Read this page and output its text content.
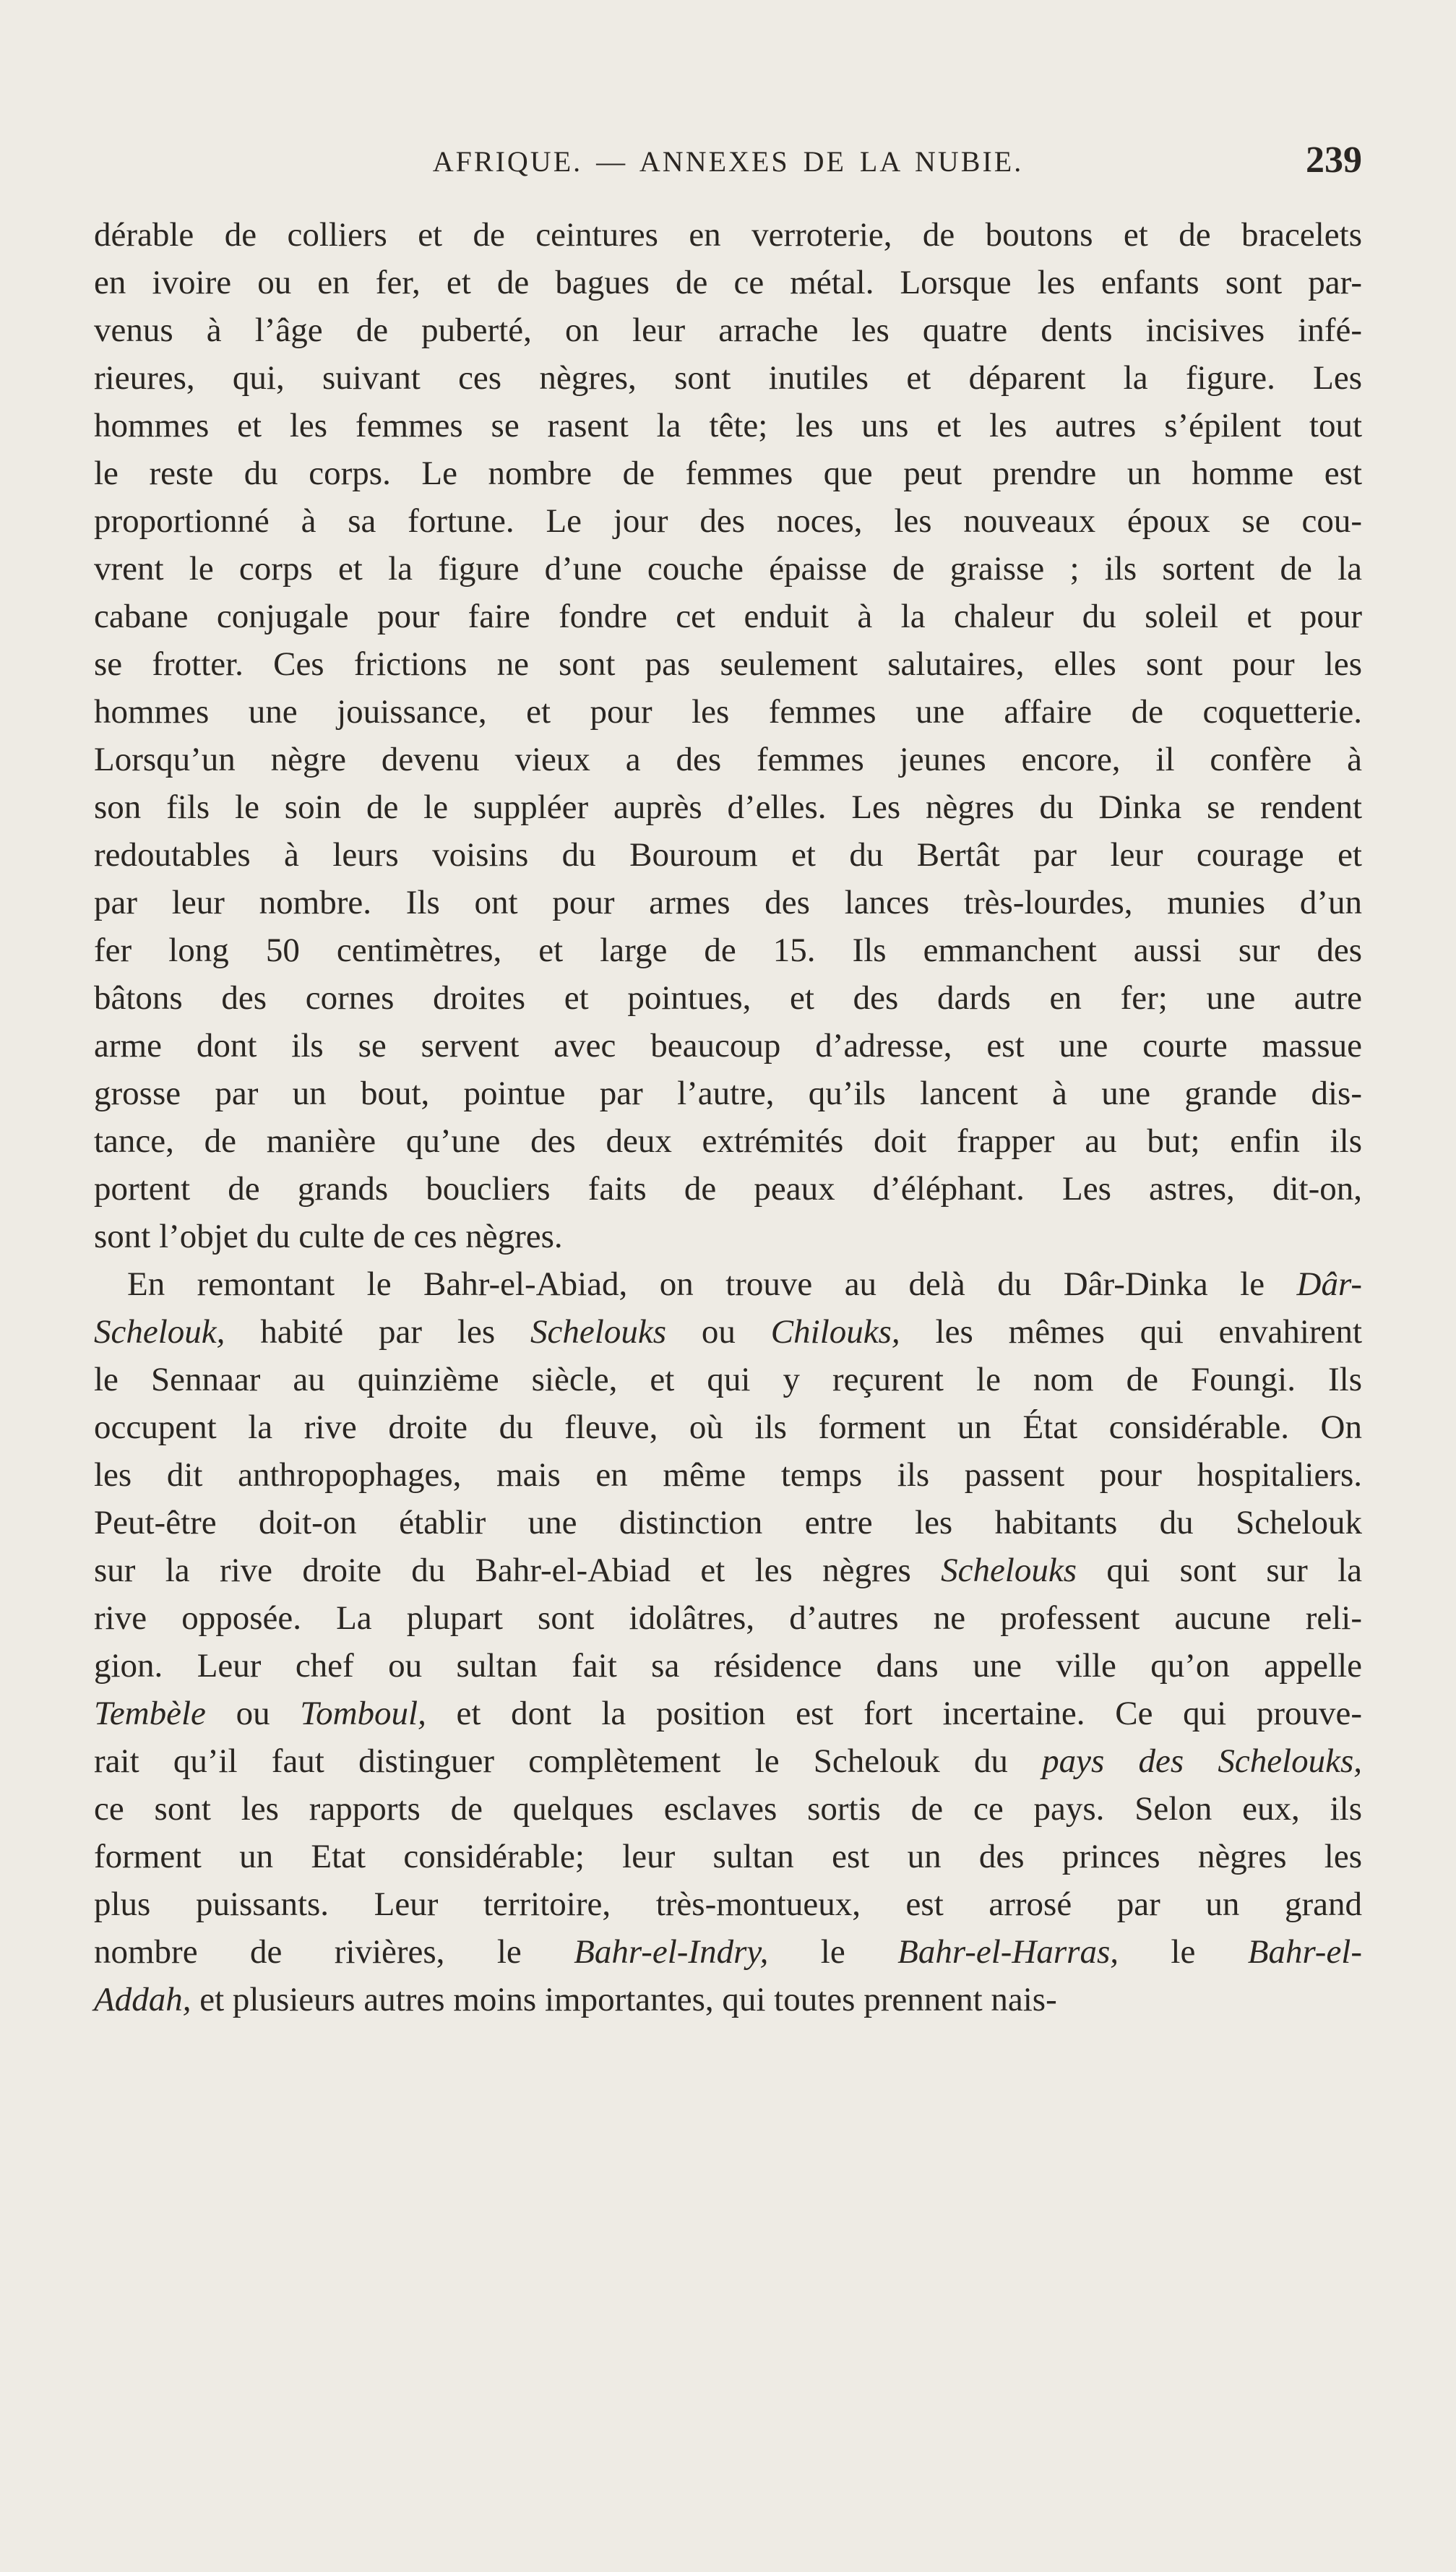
AFRIQUE. — ANNEXES DE LA NUBIE.	239
dérable de colliers et de ceintures en verroterie, de boutons et de bracelets
en ivoire ou en fer, et de bagues de ce métal. Lorsque les enfants sont par-
venus à l’âge de puberté, on leur arrache les quatre dents incisives infé-
rieures, qui, suivant ces nègres, sont inutiles et déparent la figure. Les
hommes et les femmes se rasent la tête; les uns et les autres s’épilent tout
le reste du corps. Le nombre de femmes que peut prendre un homme est
proportionné à sa fortune. Le jour des noces, les nouveaux époux se cou-
vrent le corps et la figure d’une couche épaisse de graisse ; ils sortent de la
cabane conjugale pour faire fondre cet enduit à la chaleur du soleil et pour
se frotter. Ces frictions ne sont pas seulement salutaires, elles sont pour les
hommes une jouissance, et pour les femmes une affaire de coquetterie.
Lorsqu’un nègre devenu vieux a des femmes jeunes encore, il confère à
son fils le soin de le suppléer auprès d’elles. Les nègres du Dinka se rendent
redoutables à leurs voisins du Bouroum et du Bertât par leur courage et
par leur nombre. Ils ont pour armes des lances très-lourdes, munies d’un
fer long 50 centimètres, et large de 15. Ils emmanchent aussi sur des
bâtons des cornes droites et pointues, et des dards en fer; une autre
arme dont ils se servent avec beaucoup d’adresse, est une courte massue
grosse par un bout, pointue par l’autre, qu’ils lancent à une grande dis-
tance, de manière qu’une des deux extrémités doit frapper au but; enfin ils
portent de grands boucliers faits de peaux d’éléphant. Les astres, dit-on,
sont l’objet du culte de ces nègres.
En remontant le Bahr-el-Abiad, on trouve au delà du Dâr-Dinka le Dâr-
Schelouk, habité par les Schelouks ou Chilouks, les mêmes qui envahirent
le Sennaar au quinzième siècle, et qui y reçurent le nom de Foungi. Ils
occupent la rive droite du fleuve, où ils forment un État considérable. On
les dit anthropophages, mais en même temps ils passent pour hospitaliers.
Peut-être doit-on établir une distinction entre les habitants du Schelouk
sur la rive droite du Bahr-el-Abiad et les nègres Schelouks qui sont sur la
rive opposée. La plupart sont idolâtres, d’autres ne professent aucune reli-
gion. Leur chef ou sultan fait sa résidence dans une ville qu’on appelle
Tembèle ou Tomboul, et dont la position est fort incertaine. Ce qui prouve-
rait qu’il faut distinguer complètement le Schelouk du pays des Schelouks,
ce sont les rapports de quelques esclaves sortis de ce pays. Selon eux, ils
forment un Etat considérable; leur sultan est un des princes nègres les
plus puissants. Leur territoire, très-montueux, est arrosé par un grand
nombre de rivières, le Bahr-el-Indry, le Bahr-el-Harras, le Bahr-el-
Addah, et plusieurs autres moins importantes, qui toutes prennent nais-
